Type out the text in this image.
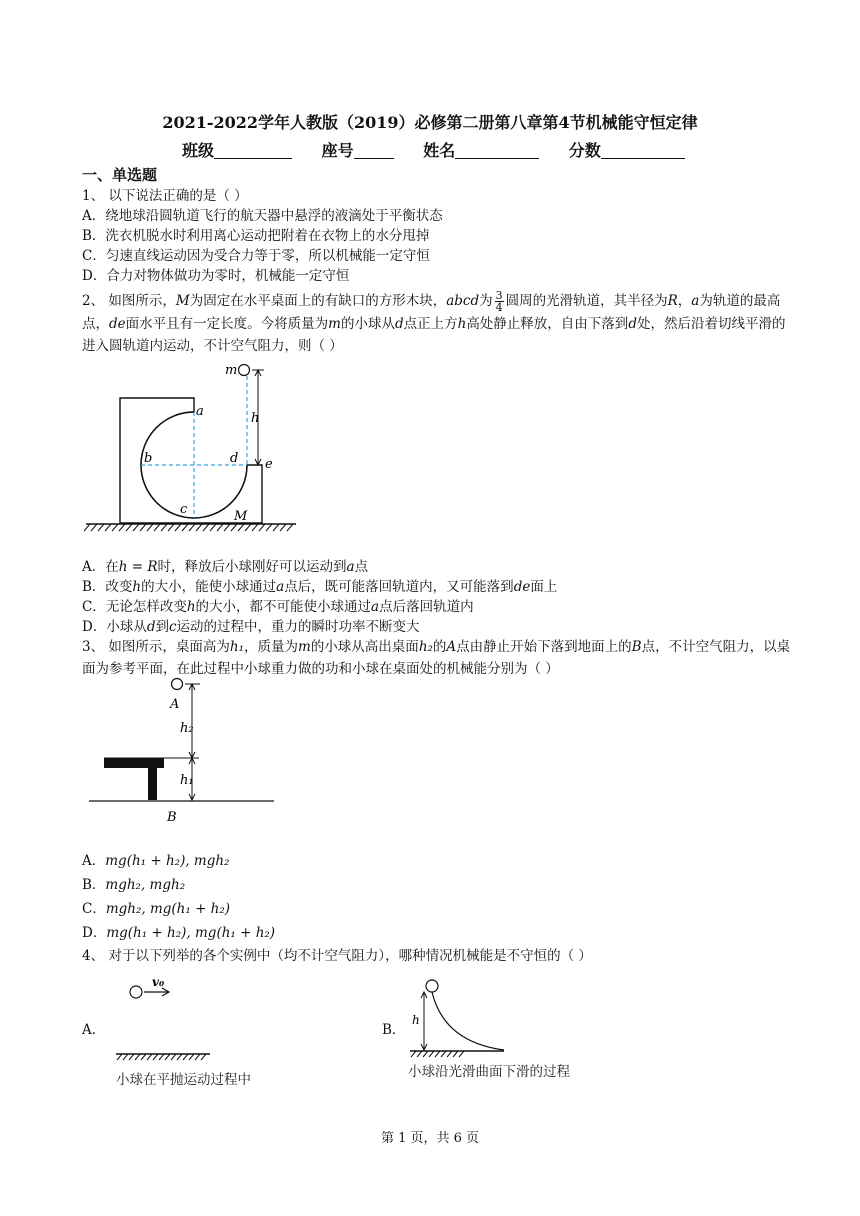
2021-2022学年人教版（2019）必修第二册第八章第4节机械能守恒定律
班级	座号	姓名	分数
一、单选题
1、 以下说法正确的是（ ）
A．绕地球沿圆轨道飞行的航天器中悬浮的液滴处于平衡状态
B．洗衣机脱水时利用离心运动把附着在衣物上的水分甩掉
C．匀速直线运动因为受合力等于零，所以机械能一定守恒
D．合力对物体做功为零时，机械能一定守恒
2、 如图所示，M为固定在水平桌面上的有缺口的方形木块，abcd为 $\frac{3}{4}$ 圆周的光滑轨道，其半径为R，a为轨道的最高点，de面水平且有一定长度。今将质量为m的小球从d点正上方h高处静止释放，自由下落到d处，然后沿着切线平滑的进入圆轨道内运动，不计空气阻力，则（ ）
m
h
a
b
c
d e
M
A．在h = R时，释放后小球刚好可以运动到a点
B．改变h的大小，能使小球通过a点后，既可能落回轨道内，又可能落到de面上
C．无论怎样改变h的大小，都不可能使小球通过a点后落回轨道内
D．小球从d到c运动的过程中，重力的瞬时功率不断变大
3、 如图所示，桌面高为h₁，质量为m的小球从高出桌面h₂的A点由静止开始下落到地面上的B点，不计空气阻力，以桌面为参考平面，在此过程中小球重力做的功和小球在桌面处的机械能分别为（ ）
A
h₂
h₁
B
A．mg(h₁ + h₂), mgh₂
B．mgh₂, mgh₂
C．mgh₂, mg(h₁ + h₂)
D．mg(h₁ + h₂), mg(h₁ + h₂)
4、 对于以下列举的各个实例中（均不计空气阻力），哪种情况机械能是不守恒的（ ）
A．
v₀
小球在平抛运动过程中
B．
h
小球沿光滑曲面下滑的过程
第 1 页，共 6 页
